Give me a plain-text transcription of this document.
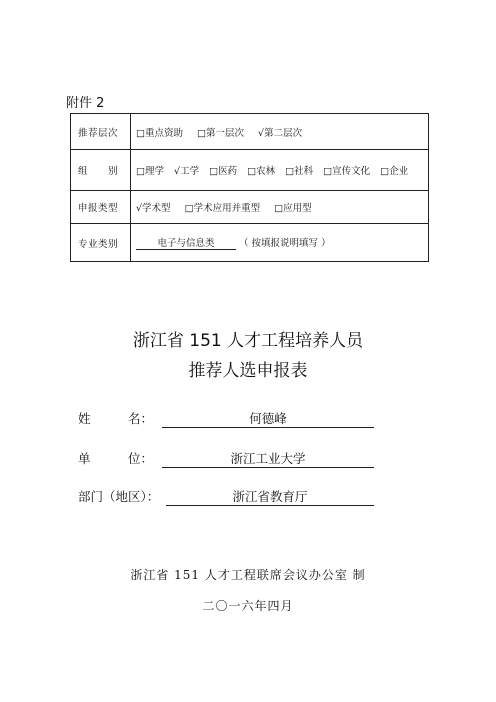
附件 2
推荐层次	□重点资助 □第一层次 √第二层次
组　　别	□理学 √工学 □医药 □农林 □社科 □宣传文化 □企业
申报类型	√学术型 □学术应用并重型 □应用型
专业类别	电子与信息类 （ 按填报说明填写 ）
浙江省 151 人才工程培养人员
推荐人选申报表
姓　　　名：	何德峰
单　　　位：	浙江工业大学
部门（地区）：	浙江省教育厅
浙江省 151 人才工程联席会议办公室 制
二〇一六年四月
